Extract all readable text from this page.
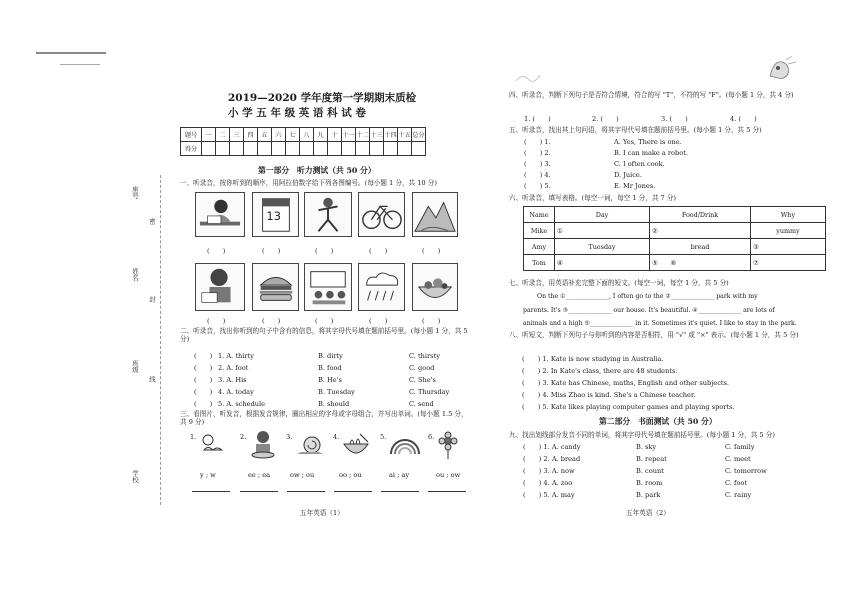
座号
姓名
班级
学校
密
封
线
2019—2020 学年度第一学期期末质检
小 学 五 年 级 英 语 科 试 卷
题号	一	二	三	四	五	六	七	八	九	十	十一	十二	十三	十四	十五	总分
得分																
第一部分　听力测试（共 50 分）
一、听录音，按你听到的顺序，用阿拉伯数字给下列各图编号。(每小题 1 分，共 10 分)
13
(　　)	(　　)	(　　)	(　　)	(　　)
(　　)	(　　)	(　　)	(　　)	(　　)
二、听录音，找出你听到的句子中含有的信息，将其字母代号填在题前括号里。(每小题 1 分，共 5 分)
(　　) 1. A. thirty	B. dirty	C. thirsty
(　　) 2. A. foot	B. food	C. good
(　　) 3. A. His	B. He's	C. She's
(　　) 4. A. today	B. Tuesday	C. Thursday
(　　) 5. A. schedule	B. should	C. send
三、看图片，听发音，根据发音规律，圈出相应的字母或字母组合，并写出单词。(每小题 1.5 分，共 9 分)
1.
y ; w
2.
ee ; ea
3.
ow ; ou
4.
oo ; ou
5.
ai ; ay
6.
ou ; ow
五年英语（1）
四、听录音，判断下列句子是否符合情境，符合的写 "T"，不符的写 "F"。(每小题 1 分，共 4 分)
1. (　　)	2. (　　)	3. (　　)	4. (　　)
五、听录音，找出其上句问语，将其字母代号填在题前括号里。(每小题 1 分，共 5 分)
(　　) 1.	A. Yes, There is one.
(　　) 2.	B. I can make a robot.
(　　) 3.	C. I often cook.
(　　) 4.	D. Juice.
(　　) 5.	E. Mr Jones.
六、听录音，填写表格。(每空一词，每空 1 分，共 7 分)
Name	Day	Food/Drink	Why
Mike	①	②	yummy
Amy	Tuesday	bread	③
Tom	④	⑤　　⑥	⑦
七、听录音，用英语补充完整下面的短文。(每空一词，每空 1 分，共 5 分)
On the ①______________, I often go to the ②______________ park with my
parents. It's ③______________ our house. It's beautiful. ④______________ are lots of
animals and a high ⑤______________ in it. Sometimes it's quiet. I like to stay in the park.
八、听短文，判断下列句子与你听到的内容是否相符，用 "√" 或 "×" 表示。(每小题 1 分，共 5 分)
(　　) 1. Kate is now studying in Australia.
(　　) 2. In Kate's class, there are 48 students.
(　　) 3. Kate has Chinese, maths, English and other subjects.
(　　) 4. Miss Zhao is kind. She's a Chinese teacher.
(　　) 5. Kate likes playing computer games and playing sports.
第二部分　书面测试（共 50 分）
九、找出划线部分发音不同的单词，将其字母代号填在题前括号里。(每小题 1 分，共 5 分)
(　　) 1. A. candy	B. sky	C. family
(　　) 2. A. bread	B. repeat	C. meet
(　　) 3. A. now	B. count	C. tomorrow
(　　) 4. A. zoo	B. room	C. foot
(　　) 5. A. may	B. park	C. rainy
五年英语（2）
